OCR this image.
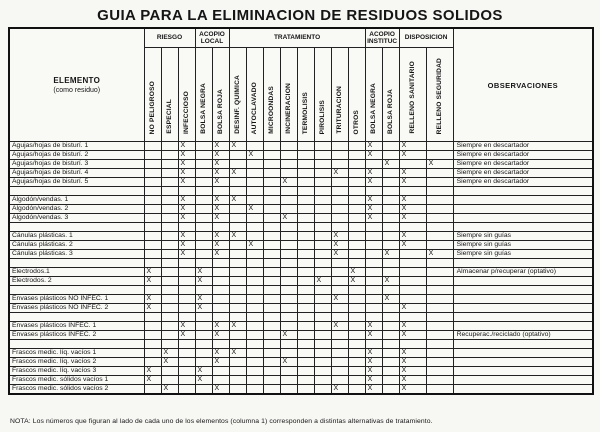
GUIA PARA LA ELIMINACION DE RESIDUOS SOLIDOS
ELEMENTO
(como residuo)	RIESGO			ACOPIO LOCAL		TRATAMIENTO								ACOPIO INSTITUC		DISPOSICION		OBSERVACIONES
	NO PELIGROSO	ESPECIAL	INFECCIOSO	BOLSA NEGRA	BOLSA ROJA	DESINF. QUIMICA	AUTOCLAVADO	MICROONDAS	INCINERACION	TERMOLISIS	PIROLISIS	TRITURACION	OTROS	BOLSA NEGRA	BOLSA ROJA	RELLENO SANITARIO	RELLENO SEGURIDAD	
Agujas/hojas de bisturí. 1			X		X	X								X		X		Siempre en descartador
Agujas/hojas de bisturí. 2			X		X		X							X		X		Siempre en descartador
Agujas/hojas de bisturí. 3			X		X										X		X	Siempre en descartador
Agujas/hojas de bisturí. 4			X		X	X						X		X		X		Siempre en descartador
Agujas/hojas de bisturí. 5			X		X				X					X		X		Siempre en descartador

Algodón/vendas. 1			X		X	X								X		X		
Algodón/vendas. 2			X		X		X							X		X		
Algodón/vendas. 3			X		X				X					X		X		

Cánulas plásticas. 1			X		X	X						X				X		Siempre sin guías
Cánulas plásticas. 2			X		X		X					X				X		Siempre sin guías
Cánulas plásticas. 3			X		X							X			X		X	Siempre sin guías

Electrodos.1	X			X									X					Almacenar p/recuperar (optativo)
Electrodos. 2	X			X							X		X		X			

Envases plásticos NO INFEC. 1	X			X								X			X			
Envases plásticos NO INFEC. 2	X			X												X		

Envases plásticos INFEC. 1			X		X	X						X		X		X		
Envases plásticos INFEC. 2			X		X				X					X		X		Recuperac./reciclado (optativo)

Frascos medic. líq. vacíos 1		X			X	X								X		X		
Frascos medic. líq. vacíos 2		X			X				X					X		X		
Frascos medic. líq. vacíos 3	X			X										X		X		
Frascos medic. sólidos vacíos 1	X			X										X		X		
Frascos medic. sólidos vacíos 2		X			X							X		X		X		
NOTA: Los números que figuran al lado de cada uno de los elementos (columna 1) corresponden a distintas alternativas de tratamiento.
